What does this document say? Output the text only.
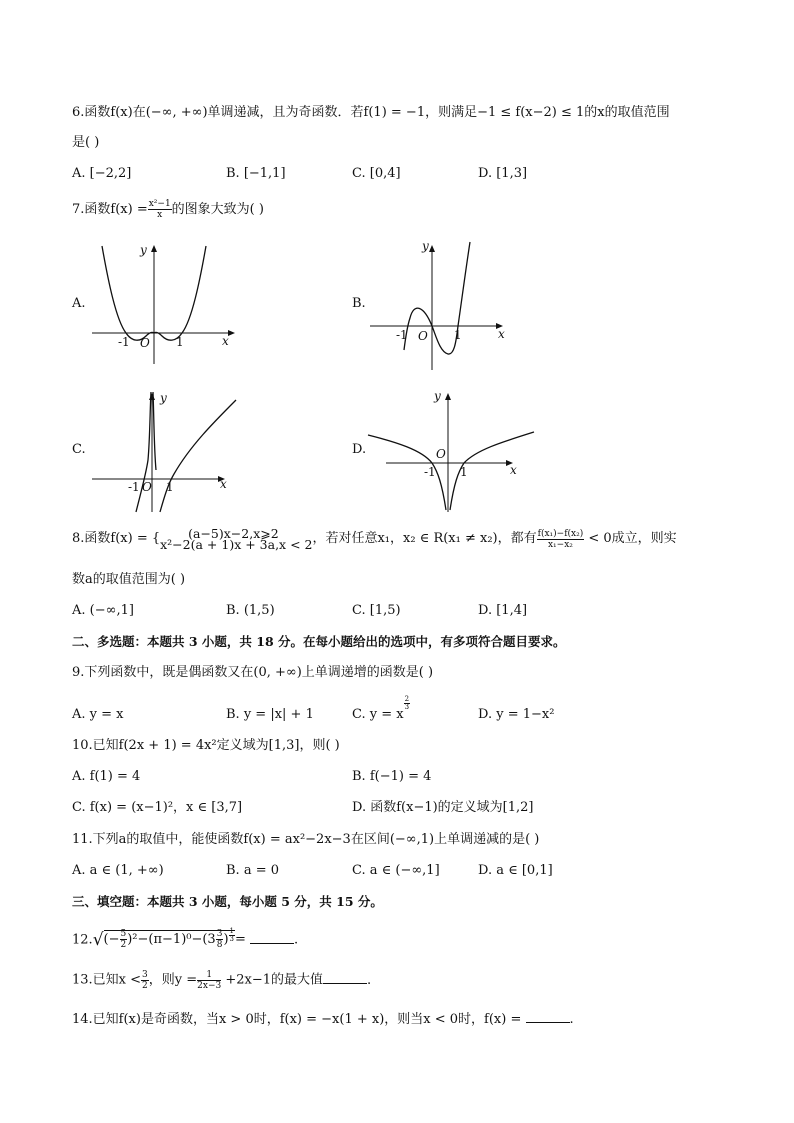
6.函数f(x)在(−∞, +∞)单调递减，且为奇函数．若f(1) = −1，则满足−1 ≤ f(x−2) ≤ 1的x的取值范围
是( )
A. [−2,2]	B. [−1,1]	C. [0,4]	D. [1,3]
7.函数$f(x) = \frac{\text{x²−1}}{x}$ 的图象大致为( )
A.
y
x
O
-1	1
B.
y
x
O
-1	1
C.
y
x
O
-1 1
D.
y
x
O
-1 1
8.函数f(x) = {	(a−5)x−2,x⩾2
x²−2(a + 1)x + 3a,x < 2 ，若对任意x₁，x₂ ∈ R(x₁ ≠ x₂)，都有 $\frac{\text{f(x₁)−f(x₂)}}{\text{x₁−x₂}} < 0$成立，则实
数a的取值范围为( )
A. (−∞,1]	B. (1,5)	C. [1,5)	D. [1,4]
二、多选题：本题共 3 小题，共 18 分。在每小题给出的选项中，有多项符合题目要求。
9.下列函数中，既是偶函数又在(0, +∞)上单调递增的函数是( )
A. y = x	B. y = |x| + 1	C. y = x
$\frac{2}{3}$
D. y = 1−x²
10.已知f(2x + 1) = 4x²定义域为[1,3]，则( )
A. f(1) = 4	B. f(−1) = 4
C. f(x) = (x−1)²，x ∈ [3,7]	D. 函数f(x−1)的定义域为[1,2]
11.下列a的取值中，能使函数f(x) = ax²−2x−3在区间(−∞,1)上单调递减的是( )
A. a ∈ (1, +∞)	B. a = 0	C. a ∈ (−∞,1]	D. a ∈ [0,1]
三、填空题：本题共 3 小题，每小题 5 分，共 15 分。
$12.√(- \frac{5}{2} )^2-(\pi-1)^0-(3 \frac{3}{8}$ ) $\frac{1}{3}$ =	.
13.已知$x < \frac{3}{2}$ ，则$y = \frac{1}{2x-3} +2x-1$的最大值	.
14.已知f(x)是奇函数，当x > 0时，f(x) = −x(1 + x)，则当x < 0时，f(x) =	.
